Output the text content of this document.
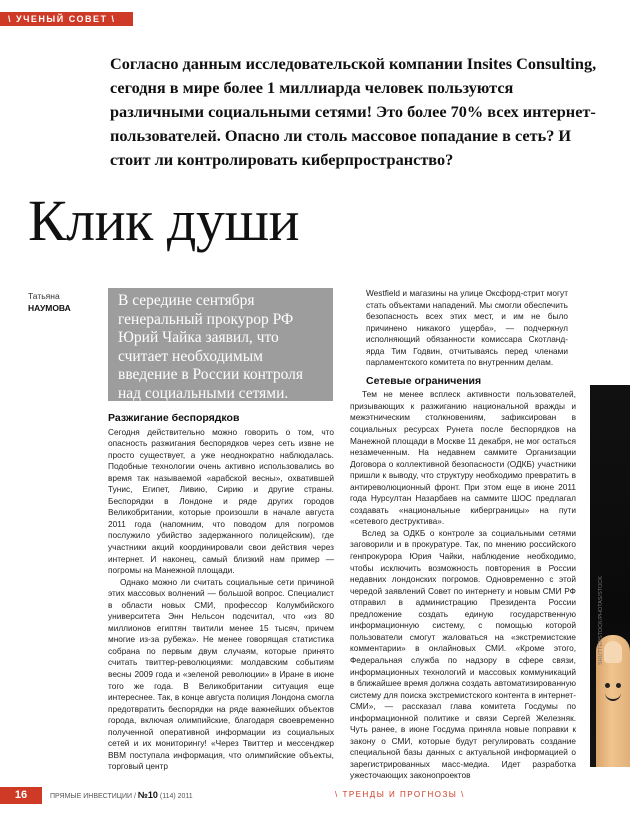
\ УЧЕНЫЙ СОВЕТ \
Согласно данным исследовательской компании Insites Consulting, сегодня в мире более 1 миллиарда человек пользуются различными социальными сетями! Это более 70% всех интернет-пользователей. Опасно ли столь массовое попадание в сеть? И стоит ли контролировать киберпространство?
Клик души
Татьяна
НАУМОВА	В середине сентября генеральный прокурор РФ Юрий Чайка заявил, что считает необходимым введение в России контроля над социальными сетями.

Разжигание беспорядков

Сегодня действительно можно говорить о том, что опасность разжигания беспорядков через сеть извне не просто существует, а уже неоднократно наблюдалась. Подобные технологии очень активно использовались во время так называемой «арабской весны», охватившей Тунис, Египет, Ливию, Сирию и другие страны. Беспорядки в Лондоне и ряде других городов Великобритании, которые произошли в начале августа 2011 года (напомним, что поводом для погромов послужило убийство задержанного полицейским), где участники акций координировали свои действия через интернет. И наконец, самый близкий нам пример — погромы на Манежной площади.

Однако можно ли считать социальные сети причиной этих массовых волнений — большой вопрос. Специалист в области новых СМИ, профессор Колумбийского университета Энн Нельсон подсчитал, что «из 80 миллионов египтян твитили менее 15 тысяч, причем многие из-за рубежа». Не менее говорящая статистика собрана по первым двум случаям, которые принято считать твиттер-революциями: молдавским событиям весны 2009 года и «зеленой революции» в Иране в июне того же года. В Великобритании ситуация еще интереснее. Так, в конце августа полиция Лондона смогла предотвратить беспорядки на ряде важнейших объектов города, включая олимпийские, благодаря своевременно полученной оперативной информации из социальных сетей и их мониторингу! «Через Твиттер и мессенджер BBM поступала информация, что олимпийские объекты, торговый центр

Westfield и магазины на улице Оксфорд-стрит могут стать объектами нападений. Мы смогли обеспечить безопасность всех этих мест, и им не было причинено никакого ущерба», — подчеркнул исполняющий обязанности комиссара Скотланд-ярда Тим Годвин, отчитываясь перед членами парламентского комитета по внутренним делам.

Сетевые ограничения

Тем не менее всплеск активности пользователей, призывающих к разжиганию национальной вражды и межэтническим столкновениям, зафиксирован в социальных ресурсах Рунета после беспорядков на Манежной площади в Москве 11 декабря, не мог остаться незамеченным. На недавнем саммите Организации Договора о коллективной безопасности (ОДКБ) участники пришли к выводу, что структуру необходимо превратить в антиреволюционный фронт. При этом еще в июне 2011 года Нурсултан Назарбаев на саммите ШОС предлагал создавать «национальные киберграницы» на пути «сетевого деструктива».

Вслед за ОДКБ о контроле за социальными сетями заговорили и в прокуратуре. Так, по мнению российского генпрокурора Юрия Чайки, наблюдение необходимо, чтобы исключить возможность повторения в России недавних лондонских погромов. Одновременно с этой чередой заявлений Совет по интернету и новым СМИ РФ отправил в администрацию Президента России предложение создать единую государственную информационную систему, с помощью которой пользователи смогут жаловаться на «экстремистские комментарии» в онлайновых СМИ. «Кроме этого, Федеральная служба по надзору в сфере связи, информационных технологий и массовых коммуникаций в ближайшее время должна создать автоматизированную систему для поиска экстремистского контента в интернет-СМИ», — рассказал глава комитета Госдумы по информационной политике и связи Сергей Железняк. Чуть ранее, в июне Госдума приняла новые поправки к закону о СМИ, которые будут регулировать создание специальной базы данных с актуальной информацией о зарегистрированных масс-медиа. Идет разработка ужесточающих законопроектов

SHUTTERSTOCK/PHOTAS/STOCK
16	ПРЯМЫЕ ИНВЕСТИЦИИ / №10 (114) 2011	\ ТРЕНДЫ И ПРОГНОЗЫ \
